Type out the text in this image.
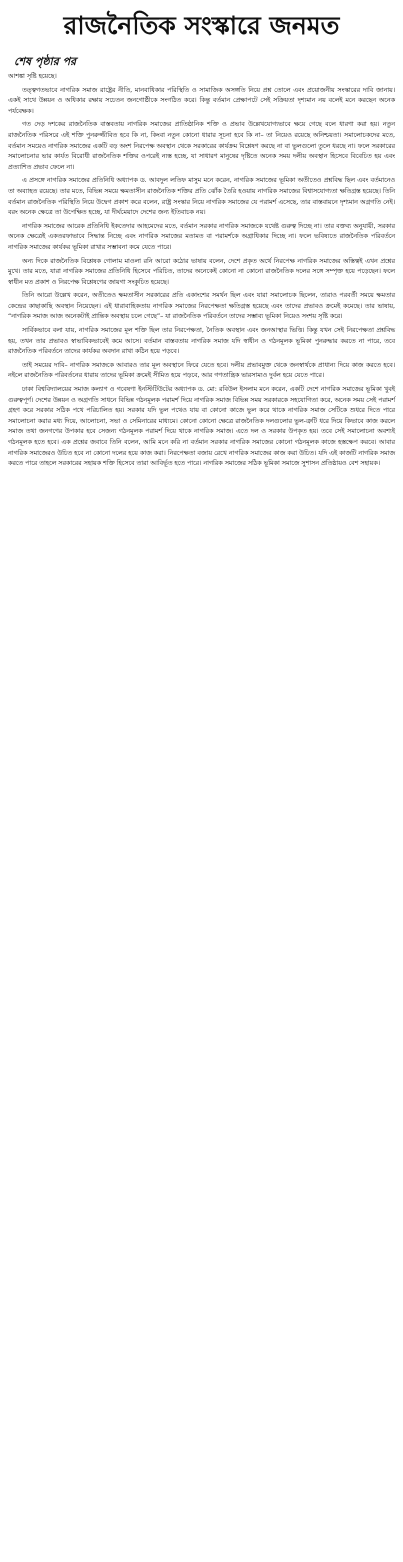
রাজনৈতিক সংস্কারে জনমত
শেষ পৃষ্ঠার পর

আশঙ্কা সৃষ্টি হয়েছে।

তত্ত্বগতভাবে নাগরিক সমাজ রাষ্ট্রের নীতি, মানবাধিকার পরিস্থিতি ও সামাজিক অসঙ্গতি নিয়ে প্রশ্ন তোলে এবং প্রয়োজনীয় সংস্কারের দাবি জানায়। একই সাথে উন্নয়ন ও অধিকার রক্ষায় সচেতন জনগোষ্ঠীকে সংগঠিত করে। কিন্তু বর্তমান প্রেক্ষাপটে সেই সক্রিয়তা দৃশ্যমান নয় বলেই মনে করছেন অনেক পর্যবেক্ষক।

গত দেড় দশকের রাজনৈতিক বাস্তবতায় নাগরিক সমাজের প্রাতিষ্ঠানিক শক্তি ও প্রভাব উল্লেখযোগ্যভাবে ক্ষয়ে গেছে বলে ধারণা করা হয়। নতুন রাজনৈতিক পরিসরে এই শক্তি পুনরুজ্জীবিত হবে কি না, কিংবা নতুন কোনো ধারার সূচনা হবে কি না– তা নিয়েও রয়েছে অনিশ্চয়তা। সমালোচকদের মতে, বর্তমান সময়েও নাগরিক সমাজের একটি বড় অংশ নিরপেক্ষ অবস্থান থেকে সরকারের কার্যক্রম বিশ্লেষণ করছে না বা ভুলগুলো তুলে ধরছে না। ফলে সরকারের সমালোচনার ভার কার্যত বিরোধী রাজনৈতিক শক্তির ওপরেই ন্যস্ত হচ্ছে, যা সাধারণ মানুষের দৃষ্টিতে অনেক সময় দলীয় অবস্থান হিসেবে বিবেচিত হয় এবং প্রত্যাশিত প্রভাব ফেলে না।

এ প্রসঙ্গে নাগরিক সমাজের প্রতিনিধি অধ্যাপক ড. আবদুল লতিফ মাসুম মনে করেন, নাগরিক সমাজের ভূমিকা অতীতেও প্রশ্নবিদ্ধ ছিল এবং বর্তমানেও তা অব্যাহত রয়েছে। তার মতে, বিভিন্ন সময়ে ক্ষমতাসীন রাজনৈতিক শক্তির প্রতি ঝোঁক তৈরি হওয়ায় নাগরিক সমাজের বিশ্বাসযোগ্যতা ক্ষতিগ্রস্ত হয়েছে। তিনি বর্তমান রাজনৈতিক পরিস্থিতি নিয়ে উদ্বেগ প্রকাশ করে বলেন, রাষ্ট্র সংস্কার নিয়ে নাগরিক সমাজের যে পরামর্শ এসেছে, তার বাস্তবায়নে দৃশ্যমান অগ্রগতি নেই। বরং অনেক ক্ষেত্রে তা উপেক্ষিত হচ্ছে, যা দীর্ঘমেয়াদে দেশের জন্য ইতিবাচক নয়।

নাগরিক সমাজের আরেক প্রতিনিধি ইকতেদার আহমেদের মতে, বর্তমান সরকার নাগরিক সমাজকে যথেষ্ট গুরুত্ব দিচ্ছে না। তার বক্তব্য অনুযায়ী, সরকার অনেক ক্ষেত্রেই একতরফাভাবে সিদ্ধান্ত নিচ্ছে এবং নাগরিক সমাজের মতামত বা পরামর্শকে অগ্রাধিকার দিচ্ছে না। ফলে ভবিষ্যতে রাজনৈতিক পরিবর্তনে নাগরিক সমাজের কার্যকর ভূমিকা রাখার সম্ভাবনা কমে যেতে পারে।

অন্য দিকে রাজনৈতিক বিশ্লেষক গোলাম মাওলা রনি আরো কঠোর ভাষায় বলেন, দেশে প্রকৃত অর্থে নিরপেক্ষ নাগরিক সমাজের অস্তিত্বই এখন প্রশ্নের মুখে। তার মতে, যারা নাগরিক সমাজের প্রতিনিধি হিসেবে পরিচিত, তাদের অনেকেই কোনো না কোনো রাজনৈতিক দলের সঙ্গে সম্পৃক্ত হয়ে পড়েছেন। ফলে স্বাধীন মত প্রকাশ ও নিরপেক্ষ বিশ্লেষণের জায়গা সংকুচিত হয়েছে।

তিনি আরো উল্লেখ করেন, অতীতেও ক্ষমতাসীন সরকারের প্রতি একাংশের সমর্থন ছিল এবং যারা সমালোচক ছিলেন, তারাও পরবর্তী সময়ে ক্ষমতার কেন্দ্রের কাছাকাছি অবস্থান নিয়েছেন। এই ধারাবাহিকতায় নাগরিক সমাজের নিরপেক্ষতা ক্ষতিগ্রস্ত হয়েছে এবং তাদের প্রভাবও ক্রমেই কমেছে। তার ভাষায়, “নাগরিক সমাজ আজ অনেকটাই প্রান্তিক অবস্থায় চলে গেছে”– যা রাজনৈতিক পরিবর্তনে তাদের সম্ভাব্য ভূমিকা নিয়েও সংশয় সৃষ্টি করে।

সার্বিকভাবে বলা যায়, নাগরিক সমাজের মূল শক্তি ছিল তার নিরপেক্ষতা, নৈতিক অবস্থান এবং জনআস্থার ভিত্তি। কিন্তু যখন সেই নিরপেক্ষতা প্রশ্নবিদ্ধ হয়, তখন তার প্রভাবও স্বাভাবিকভাবেই কমে আসে। বর্তমান বাস্তবতায় নাগরিক সমাজ যদি স্বাধীন ও গঠনমূলক ভূমিকা পুনরুদ্ধার করতে না পারে, তবে রাজনৈতিক পরিবর্তনে তাদের কার্যকর অবদান রাখা কঠিন হয়ে পড়বে।

তাই সময়ের দাবি– নাগরিক সমাজকে আবারও তার মূল অবস্থানে ফিরে যেতে হবে। দলীয় প্রভাবমুক্ত থেকে জনস্বার্থকে প্রাধান্য দিয়ে কাজ করতে হবে। নইলে রাজনৈতিক পরিবর্তনের ধারায় তাদের ভূমিকা ক্রমেই সীমিত হয়ে পড়বে, আর গণতান্ত্রিক ভারসাম্যও দুর্বল হয়ে যেতে পারে।

ঢাকা বিশ্ববিদ্যালয়ের সমাজ কল্যাণ ও গবেষণা ইনস্টিটিউটের অধ্যাপক ড. মো: রবিউল ইসলাম মনে করেন, একটি দেশে নাগরিক সমাজের ভূমিকা খুবই গুরুত্বপূর্ণ। দেশের উন্নয়ন ও অগ্রগতি সাধনে বিভিন্ন গঠনমূলক পরামর্শ দিয়ে নাগরিক সমাজ বিভিন্ন সময় সরকারকে সহযোগিতা করে, অনেক সময় সেই পরামর্শ গ্রহণ করে সরকার সঠিক পথে পরিচালিত হয়। সরকার যদি ভুল পথেও যায় বা কোনো কাজে ভুল করে থাকে নাগরিক সমাজ সেটিকে শুধরে দিতে পারে সমালোচনা করার মধ্য দিয়ে, আলোচনা, সভা ও সেমিনারের মাধ্যমে। কোনো কোনো ক্ষেত্রে রাজনৈতিক দলগুলোর ভুল-ত্রুটি ধরে দিয়ে কিভাবে কাজ করলে সমাজ তথা জনগণের উপকার হবে সেজন্য গঠনমূলক পরামর্শ দিয়ে থাকে নাগরিক সমাজ। এতে দল ও সরকার উপকৃত হয়। তবে সেই সমালোচনা অবশ্যই গঠনমূলক হতে হবে। এক প্রশ্নের জবাবে তিনি বলেন, আমি মনে করি না বর্তমান সরকার নাগরিক সমাজের কোনো গঠনমূলক কাজে হস্তক্ষেপ করবে। আবার নাগরিক সমাজেরও উচিত হবে না কোনো দলের হয়ে কাজ করা। নিরপেক্ষতা বজায় রেখে নাগরিক সমাজের কাজ করা উচিত। যদি এই কাজটি নাগরিক সমাজ করতে পারে তাহলে সরকারের সহায়ক শক্তি হিসেবে তারা আবির্ভূত হতে পারে। নাগরিক সমাজের সঠিক ভূমিকা সমাজে সুশাসন প্রতিষ্ঠায়ও বেশ সহায়ক।
